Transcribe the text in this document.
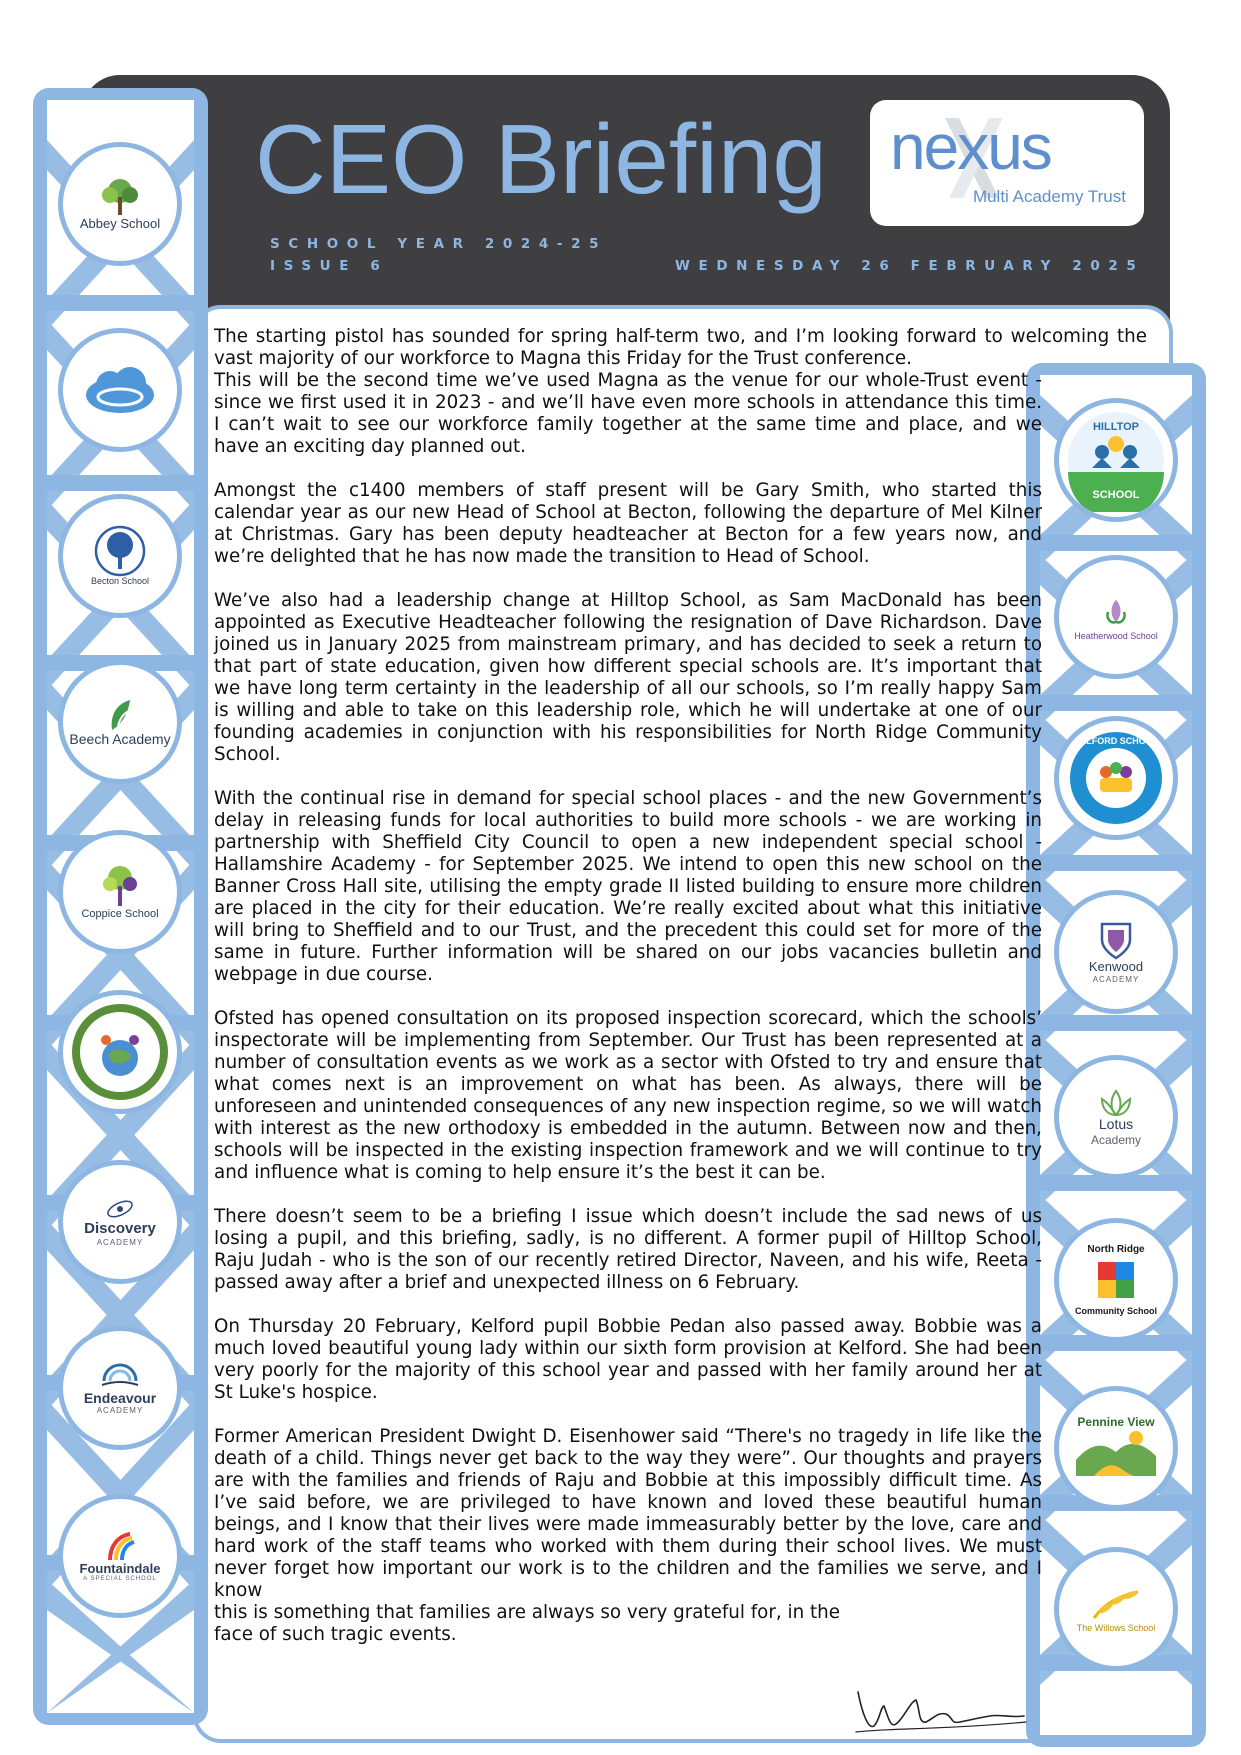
CEO Briefing
SCHOOL YEAR 2024-25
ISSUE 6	WEDNESDAY 26 FEBRUARY 2025
nexus
Multi Academy Trust
Abbey School
Becton School
Beech Academy
Coppice School
Discovery
ACADEMY
Endeavour
ACADEMY
Fountaindale
A SPECIAL SCHOOL
HILLTOP
SCHOOL
Heatherwood School
KELFORD SCHOOL
Kenwood
ACADEMY
Lotus
Academy
North Ridge
Community School
Pennine View
The Willows School
The starting pistol has sounded for spring half-term two, and I’m looking forward to welcoming the vast majority of our workforce to Magna this Friday for the Trust conference.
This will be the second time we’ve used Magna as the venue for our whole-Trust event - since we first used it in 2023 - and we’ll have even more schools in attendance this time. I can’t wait to see our workforce family together at the same time and place, and we have an exciting day planned out.
Amongst the c1400 members of staff present will be Gary Smith, who started this calendar year as our new Head of School at Becton, following the departure of Mel Kilner at Christmas. Gary has been deputy headteacher at Becton for a few years now, and we’re delighted that he has now made the transition to Head of School.
We’ve also had a leadership change at Hilltop School, as Sam MacDonald has been appointed as Executive Headteacher following the resignation of Dave Richardson. Dave joined us in January 2025 from mainstream primary, and has decided to seek a return to that part of state education, given how different special schools are. It’s important that we have long term certainty in the leadership of all our schools, so I’m really happy Sam is willing and able to take on this leadership role, which he will undertake at one of our founding academies in conjunction with his responsibilities for North Ridge Community School.
With the continual rise in demand for special school places - and the new Government’s delay in releasing funds for local authorities to build more schools - we are working in partnership with Sheffield City Council to open a new independent special school - Hallamshire Academy - for September 2025. We intend to open this new school on the Banner Cross Hall site, utilising the empty grade II listed building to ensure more children are placed in the city for their education. We’re really excited about what this initiative will bring to Sheffield and to our Trust, and the precedent this could set for more of the same in future. Further information will be shared on our jobs vacancies bulletin and webpage in due course.
Ofsted has opened consultation on its proposed inspection scorecard, which the schools’ inspectorate will be implementing from September. Our Trust has been represented at a number of consultation events as we work as a sector with Ofsted to try and ensure that what comes next is an improvement on what has been. As always, there will be unforeseen and unintended consequences of any new inspection regime, so we will watch with interest as the new orthodoxy is embedded in the autumn. Between now and then, schools will be inspected in the existing inspection framework and we will continue to try and influence what is coming to help ensure it’s the best it can be.
There doesn’t seem to be a briefing I issue which doesn’t include the sad news of us losing a pupil, and this briefing, sadly, is no different. A former pupil of Hilltop School, Raju Judah - who is the son of our recently retired Director, Naveen, and his wife, Reeta - passed away after a brief and unexpected illness on 6 February.
On Thursday 20 February, Kelford pupil Bobbie Pedan also passed away. Bobbie was a much loved beautiful young lady within our sixth form provision at Kelford. She had been very poorly for the majority of this school year and passed with her family around her at St Luke's hospice.
Former American President Dwight D. Eisenhower said “There's no tragedy in life like the death of a child. Things never get back to the way they were”. Our thoughts and prayers are with the families and friends of Raju and Bobbie at this impossibly difficult time. As I’ve said before, we are privileged to have known and loved these beautiful human beings, and I know that their lives were made immeasurably better by the love, care and hard work of the staff teams who worked with them during their school lives. We must never forget how important our work is to the children and the families we serve, and I know
this is something that families are always so very grateful for, in the face of such tragic events.
